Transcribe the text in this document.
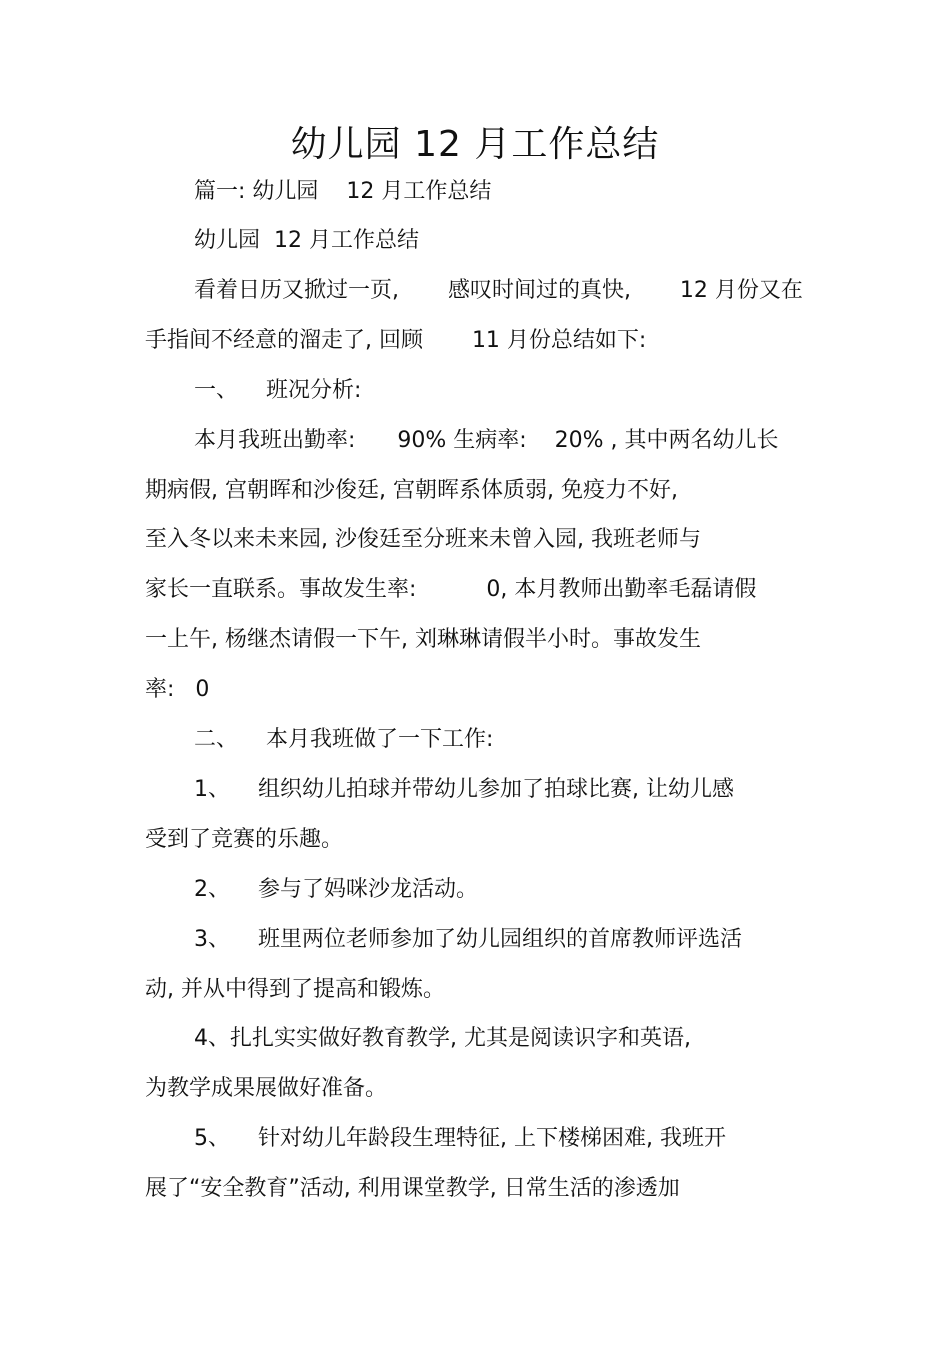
幼儿园 12 月工作总结
篇一: 幼儿园    12 月工作总结
幼儿园  12 月工作总结
看着日历又掀过一页,       感叹时间过的真快,       12 月份又在
手指间不经意的溜走了, 回顾       11 月份总结如下:
一、    班况分析:
本月我班出勤率:      90% 生病率:    20% , 其中两名幼儿长
期病假, 宫朝晖和沙俊廷, 宫朝晖系体质弱, 免疫力不好,
至入冬以来未来园, 沙俊廷至分班来未曾入园, 我班老师与
家长一直联系。事故发生率:          0, 本月教师出勤率毛磊请假
一上午, 杨继杰请假一下午, 刘琳琳请假半小时。事故发生
率:   0
二、    本月我班做了一下工作:
1、    组织幼儿拍球并带幼儿参加了拍球比赛, 让幼儿感
受到了竞赛的乐趣。
2、    参与了妈咪沙龙活动。
3、    班里两位老师参加了幼儿园组织的首席教师评选活
动, 并从中得到了提高和锻炼。
4、扎扎实实做好教育教学, 尤其是阅读识字和英语,
为教学成果展做好准备。
5、    针对幼儿年龄段生理特征, 上下楼梯困难, 我班开
展了“安全教育”活动, 利用课堂教学, 日常生活的渗透加
